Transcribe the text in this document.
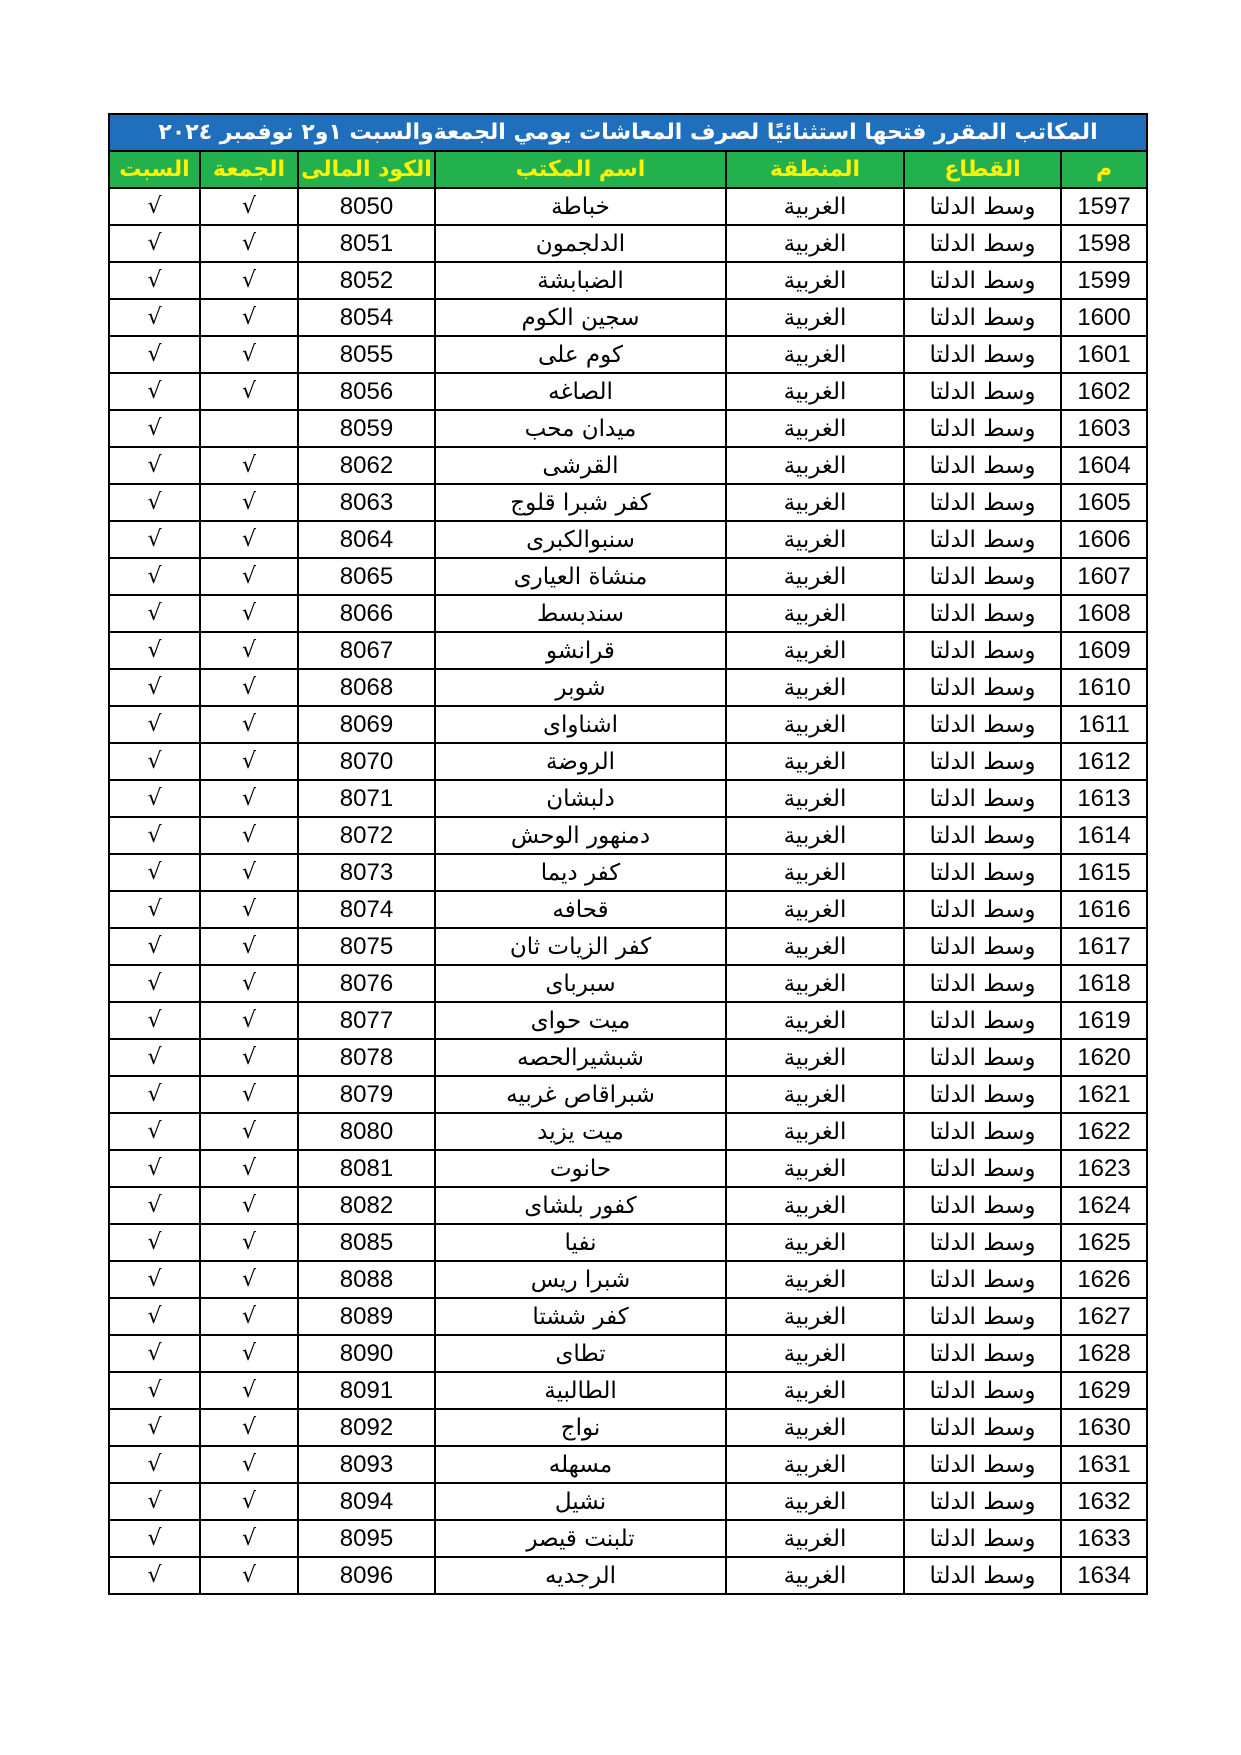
المكاتب المقرر فتحها استثنائيًا لصرف المعاشات يومي الجمعةوالسبت ١و٢ نوفمبر ٢٠٢٤						
السبت	الجمعة	الكود المالى	اسم المكتب	المنطقة	القطاع	م
√	√	8050	خباطة	الغربية	وسط الدلتا	1597
√	√	8051	الدلجمون	الغربية	وسط الدلتا	1598
√	√	8052	الضبابشة	الغربية	وسط الدلتا	1599
√	√	8054	سجين الكوم	الغربية	وسط الدلتا	1600
√	√	8055	كوم على	الغربية	وسط الدلتا	1601
√	√	8056	الصاغه	الغربية	وسط الدلتا	1602
√		8059	ميدان محب	الغربية	وسط الدلتا	1603
√	√	8062	القرشى	الغربية	وسط الدلتا	1604
√	√	8063	كفر شبرا قلوج	الغربية	وسط الدلتا	1605
√	√	8064	سنبوالكبرى	الغربية	وسط الدلتا	1606
√	√	8065	منشاة العيارى	الغربية	وسط الدلتا	1607
√	√	8066	سندبسط	الغربية	وسط الدلتا	1608
√	√	8067	قرانشو	الغربية	وسط الدلتا	1609
√	√	8068	شوبر	الغربية	وسط الدلتا	1610
√	√	8069	اشناواى	الغربية	وسط الدلتا	1611
√	√	8070	الروضة	الغربية	وسط الدلتا	1612
√	√	8071	دلبشان	الغربية	وسط الدلتا	1613
√	√	8072	دمنهور الوحش	الغربية	وسط الدلتا	1614
√	√	8073	كفر ديما	الغربية	وسط الدلتا	1615
√	√	8074	قحافه	الغربية	وسط الدلتا	1616
√	√	8075	كفر الزيات ثان	الغربية	وسط الدلتا	1617
√	√	8076	سبرباى	الغربية	وسط الدلتا	1618
√	√	8077	ميت حواى	الغربية	وسط الدلتا	1619
√	√	8078	شبشيرالحصه	الغربية	وسط الدلتا	1620
√	√	8079	شبراقاص غربيه	الغربية	وسط الدلتا	1621
√	√	8080	ميت يزيد	الغربية	وسط الدلتا	1622
√	√	8081	حانوت	الغربية	وسط الدلتا	1623
√	√	8082	كفور بلشاى	الغربية	وسط الدلتا	1624
√	√	8085	نفيا	الغربية	وسط الدلتا	1625
√	√	8088	شبرا ريس	الغربية	وسط الدلتا	1626
√	√	8089	كفر ششتا	الغربية	وسط الدلتا	1627
√	√	8090	تطاى	الغربية	وسط الدلتا	1628
√	√	8091	الطالبية	الغربية	وسط الدلتا	1629
√	√	8092	نواج	الغربية	وسط الدلتا	1630
√	√	8093	مسهله	الغربية	وسط الدلتا	1631
√	√	8094	نشيل	الغربية	وسط الدلتا	1632
√	√	8095	تلبنت قيصر	الغربية	وسط الدلتا	1633
√	√	8096	الرجديه	الغربية	وسط الدلتا	1634
